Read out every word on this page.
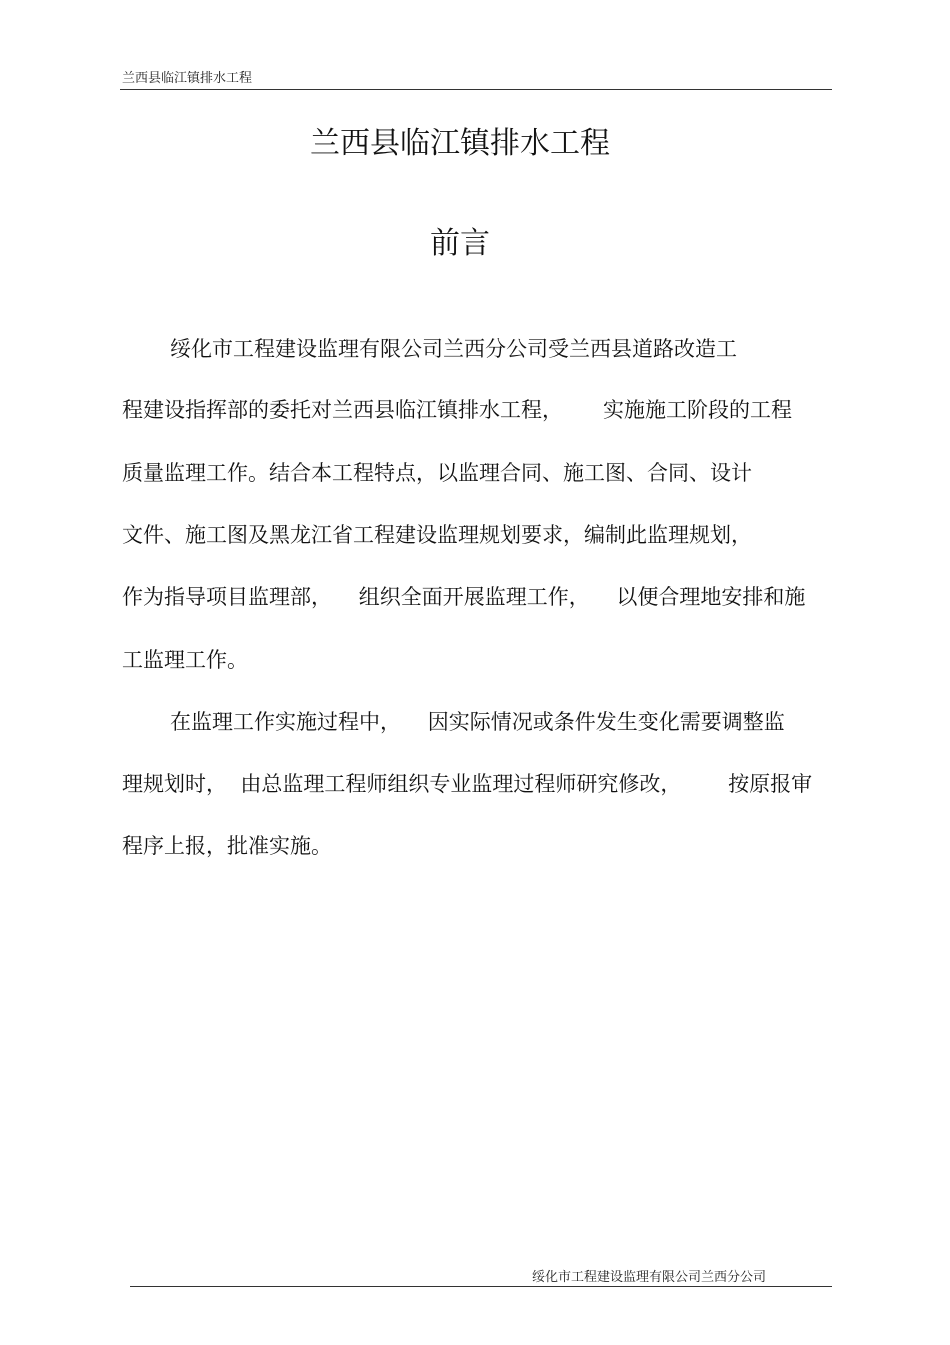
兰西县临江镇排水工程
兰西县临江镇排水工程
前言
绥化市工程建设监理有限公司兰西分公司受兰西县道路改造工
程建设指挥部的委托对兰西县临江镇排水工程，      实施施工阶段的工程
质量监理工作。结合本工程特点，以监理合同、施工图、合同、设计
文件、施工图及黑龙江省工程建设监理规划要求，编制此监理规划，
作为指导项目监理部，    组织全面开展监理工作，    以便合理地安排和施
工监理工作。
在监理工作实施过程中，    因实际情况或条件发生变化需要调整监
理规划时，  由总监理工程师组织专业监理过程师研究修改，       按原报审
程序上报，批准实施。
绥化市工程建设监理有限公司兰西分公司
